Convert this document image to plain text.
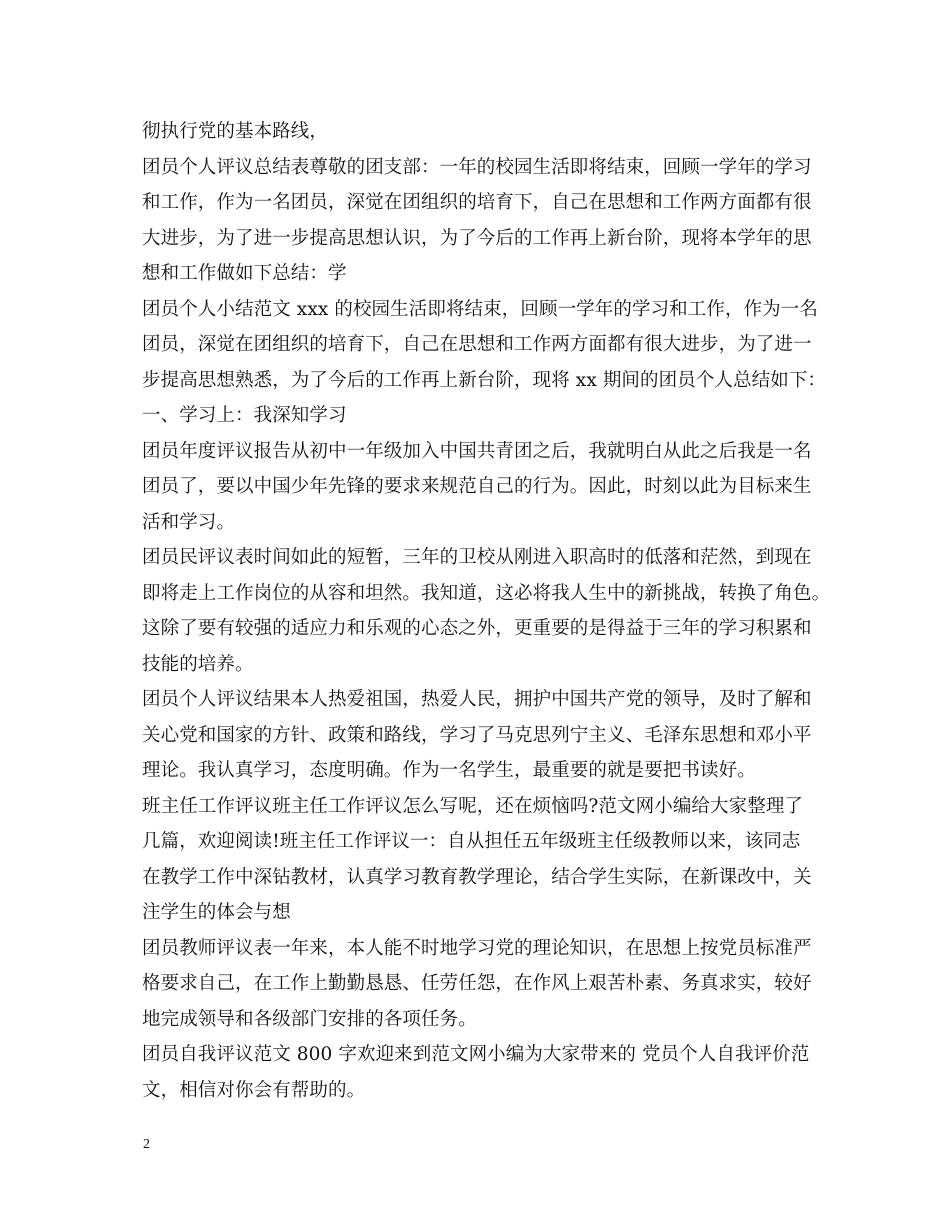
彻执行党的基本路线，
团员个人评议总结表尊敬的团支部：一年的校园生活即将结束，回顾一学年的学习
和工作，作为一名团员，深觉在团组织的培育下，自己在思想和工作两方面都有很
大进步，为了进一步提高思想认识，为了今后的工作再上新台阶，现将本学年的思
想和工作做如下总结：学
团员个人小结范文 xxx 的校园生活即将结束，回顾一学年的学习和工作，作为一名
团员，深觉在团组织的培育下，自己在思想和工作两方面都有很大进步，为了进一
步提高思想熟悉，为了今后的工作再上新台阶，现将 xx 期间的团员个人总结如下：
一、学习上：我深知学习
团员年度评议报告从初中一年级加入中国共青团之后，我就明白从此之后我是一名
团员了，要以中国少年先锋的要求来规范自己的行为。因此，时刻以此为目标来生
活和学习。
团员民评议表时间如此的短暂，三年的卫校从刚进入职高时的低落和茫然，到现在
即将走上工作岗位的从容和坦然。我知道，这必将我人生中的新挑战，转换了角色。
这除了要有较强的适应力和乐观的心态之外，更重要的是得益于三年的学习积累和
技能的培养。
团员个人评议结果本人热爱祖国，热爱人民，拥护中国共产党的领导，及时了解和
关心党和国家的方针、政策和路线，学习了马克思列宁主义、毛泽东思想和邓小平
理论。我认真学习，态度明确。作为一名学生，最重要的就是要把书读好。
班主任工作评议班主任工作评议怎么写呢，还在烦恼吗?范文网小编给大家整理了
几篇，欢迎阅读!班主任工作评议一：自从担任五年级班主任级教师以来，该同志
在教学工作中深钻教材，认真学习教育教学理论，结合学生实际，在新课改中，关
注学生的体会与想
团员教师评议表一年来，本人能不时地学习党的理论知识，在思想上按党员标准严
格要求自己，在工作上勤勤恳恳、任劳任怨，在作风上艰苦朴素、务真求实，较好
地完成领导和各级部门安排的各项任务。
团员自我评议范文 800 字欢迎来到范文网小编为大家带来的 党员个人自我评价范
文，相信对你会有帮助的。
2
